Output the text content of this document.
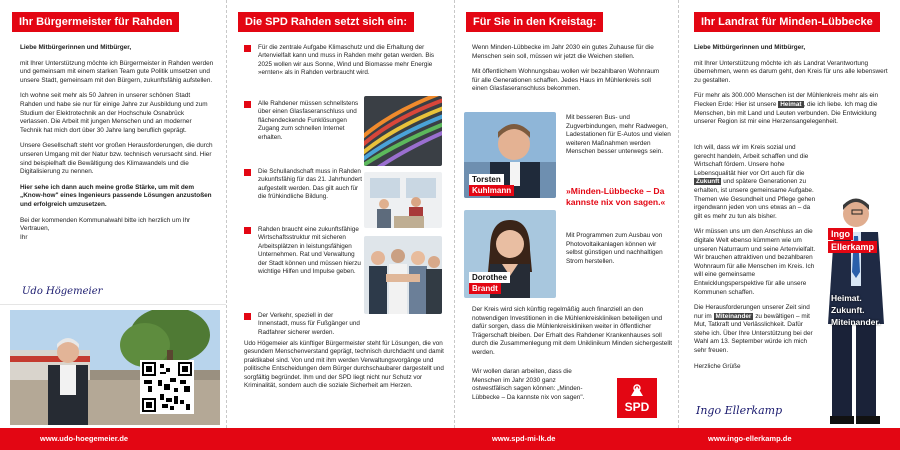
Ihr Bürgermeister für Rahden

Liebe Mitbürgerinnen und Mitbürger,

mit Ihrer Unterstützung möchte ich Bürgermeister in Rahden werden und gemeinsam mit einem starken Team gute Politik umsetzen und unsere Stadt, gemeinsam mit den Bürgern, zukunftsfähig aufstellen.

Ich wohne seit mehr als 50 Jahren in unserer schönen Stadt Rahden und habe sie nur für einige Jahre zur Ausbildung und zum Studium der Elektrotechnik an der Hochschule Osnabrück verlassen. Die Arbeit mit jungen Menschen und an moderner Technik hat mich dort über 30 Jahre lang beruflich geprägt.

Unsere Gesellschaft steht vor großen Herausforderungen, die durch unseren Umgang mit der Natur bzw. technisch verursacht sind. Hier sind beispielhaft die Bewältigung des Klimawandels und die Digitalisierung zu nennen.

Hier sehe ich dann auch meine große Stärke, um mit dem „Know-how" eines Ingenieurs passende Lösungen anzustoßen und erfolgreich umzusetzen.

Bei der kommenden Kommunalwahl bitte ich herzlich um Ihr Vertrauen,

Ihr
Udo Högemeier
Die SPD Rahden setzt sich ein:
Für die zentrale Aufgabe Klimaschutz und die Erhaltung der Artenvielfalt kann und muss in Rahden mehr getan werden. Bis 2025 wollen wir aus Sonne, Wind und Biomasse mehr Energie »ernten« als in Rahden verbraucht wird.
Alle Rahdener müssen schnellstens über einen Glasfaseranschluss und flächendeckende Funklösungen Zugang zum schnellen Internet erhalten.
Die Schullandschaft muss in Rahden zukunftsfähig für das 21. Jahrhundert aufgestellt werden. Das gilt auch für die frühkindliche Bildung.
Rahden braucht eine zukunftsfähige Wirtschaftsstruktur mit sicheren Arbeitsplätzen in leistungsfähigen Unternehmen. Rat und Verwaltung der Stadt können und müssen hierzu wichtige Hilfen und Impulse geben.
Der Verkehr, speziell in der Innenstadt, muss für Fußgänger und Radfahrer sicherer werden.
Udo Högemeier als künftiger Bürgermeister steht für Lösungen, die von gesundem Menschenverstand geprägt, technisch durchdacht und damit praktikabel sind. Von und mit ihm werden Verwaltungsvorgänge und politische Entscheidungen dem Bürger durchschaubarer dargestellt und sorgfältig begründet. Ihm und der SPD liegt nicht nur Schutz vor Kriminalität, sondern auch die soziale Sicherheit am Herzen.
Für Sie in den Kreistag:

Wenn Minden-Lübbecke im Jahr 2030 ein gutes Zuhause für die Menschen sein soll, müssen wir jetzt die Weichen stellen.

Mit öffentlichem Wohnungsbau wollen wir bezahlbaren Wohnraum für alle Generationen schaffen. Jedes Haus im Mühlenkreis soll einen Glasfaseranschluss bekommen.

Torsten
Kuhlmann
Mit besseren Bus- und Zugverbindungen, mehr Radwegen, Ladestationen für E-Autos und vielen weiteren Maßnahmen werden Menschen besser unterwegs sein.
»Minden-Lübbecke – Da kannste nix von sagen.«
Dorothee
Brandt
Mit Programmen zum Ausbau von Photovoltaikanlagen können wir selbst günstigen und nachhaltigen Strom herstellen.
Der Kreis wird sich künftig regelmäßig auch finanziell an den notwendigen Investitionen in die Mühlenkreiskliniken beteiligen und dafür sorgen, dass die Mühlenkreiskliniken weiter in öffentlicher Trägerschaft bleiben. Der Erhalt des Rahdener Krankenhauses soll durch die Zusammenlegung mit dem Uniklinikum Minden sichergestellt werden.
Wir wollen daran arbeiten, dass die Menschen im Jahr 2030 ganz ostwestfälisch sagen können: „Minden-Lübbecke – Da kannste nix von sagen".
SPD
Ihr Landrat für Minden-Lübbecke

Liebe Mitbürgerinnen und Mitbürger,

mit Ihrer Unterstützung möchte ich als Landrat Verantwortung übernehmen, wenn es darum geht, den Kreis für uns alle lebenswert zu gestalten.

Für mehr als 300.000 Menschen ist der Mühlenkreis mehr als ein Flecken Erde: Hier ist unsere Heimat , die ich liebe. Ich mag die Menschen, bin mit Land und Leuten verbunden. Die Entwicklung unserer Region ist mir eine Herzensangelegenheit.

Ich will, dass wir im Kreis sozial und gerecht handeln, Arbeit schaffen und die Wirtschaft fördern. Unsere hohe Lebensqualität hier vor Ort auch für die Zukunft und spätere Generationen zu erhalten, ist unsere gemeinsame Aufgabe. Themen wie Gesundheit und Pflege gehen irgendwann jeden von uns etwas an – da gilt es mehr zu tun als bisher.

Wir müssen uns um den Anschluss an die digitale Welt ebenso kümmern wie um unseren Naturraum und seine Artenvielfalt. Wir brauchen attraktiven und bezahlbaren Wohnraum für alle Menschen im Kreis. Ich will eine gemeinsame Entwicklungsperspektive für alle unsere Kommunen schaffen.

Die Herausforderungen unserer Zeit sind nur im Miteinander zu bewältigen – mit Mut, Tatkraft und Verlässlichkeit. Dafür stehe ich. Über Ihre Unterstützung bei der Wahl am 13. September würde ich mich sehr freuen.

Herzliche Grüße

Ingo Ellerkamp
Ingo
Ellerkamp
Heimat.
Zukunft.
Miteinander.
www.udo-hoegemeier.de	www.spd-mi-lk.de	www.ingo-ellerkamp.de
